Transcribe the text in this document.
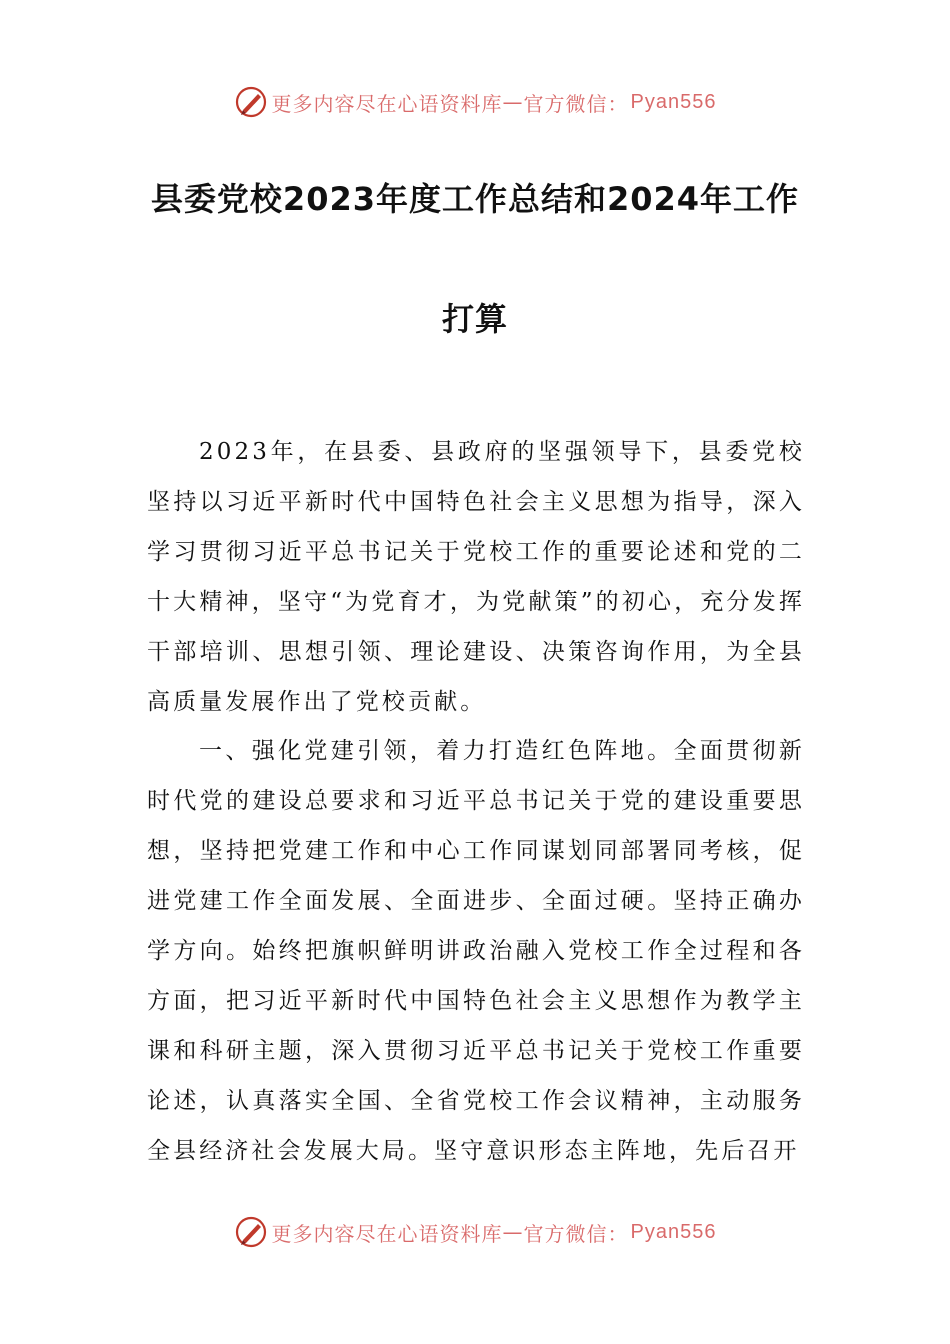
更多内容尽在心语资料库 — 官方微信： Pyan556
县委党校2023年度工作总结和2024年工作
打算

2023年，在县委、县政府的坚强领导下，县委党校坚持以习近平新时代中国特色社会主义思想为指导，深入学习贯彻习近平总书记关于党校工作的重要论述和党的二十大精神，坚守“为党育才，为党献策”的初心，充分发挥干部培训、思想引领、理论建设、决策咨询作用，为全县高质量发展作出了党校贡献。

一、强化党建引领，着力打造红色阵地。全面贯彻新时代党的建设总要求和习近平总书记关于党的建设重要思想，坚持把党建工作和中心工作同谋划同部署同考核，促进党建工作全面发展、全面进步、全面过硬。坚持正确办学方向。始终把旗帜鲜明讲政治融入党校工作全过程和各方面，把习近平新时代中国特色社会主义思想作为教学主课和科研主题，深入贯彻习近平总书记关于党校工作重要论述，认真落实全国、全省党校工作会议精神，主动服务全县经济社会发展大局。坚守意识形态主阵地，先后召开

更多内容尽在心语资料库 — 官方微信： Pyan556
